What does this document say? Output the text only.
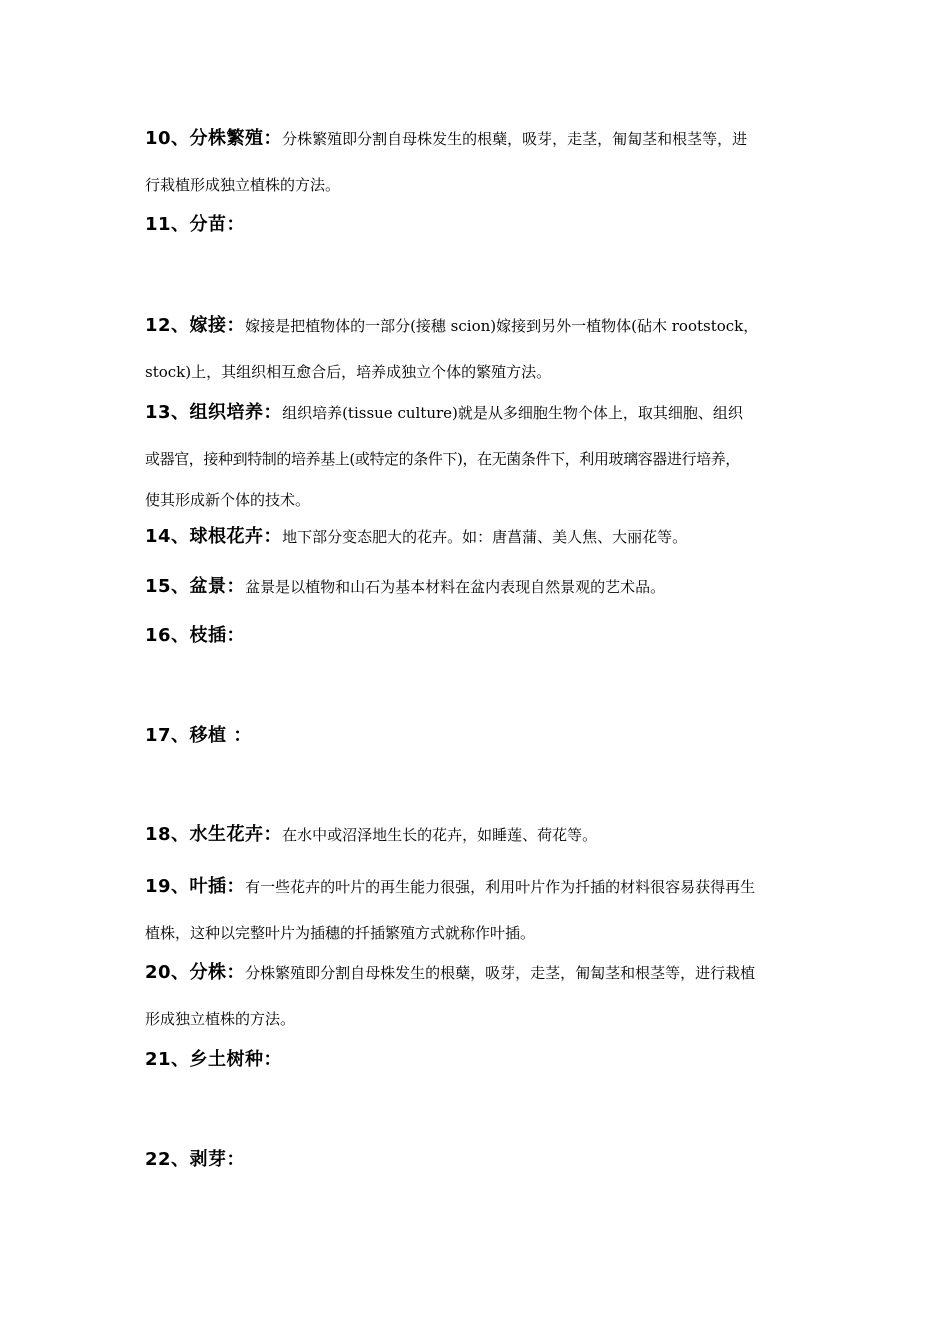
10、分株繁殖：分株繁殖即分割自母株发生的根蘖，吸芽，走茎，匍匐茎和根茎等，进
行栽植形成独立植株的方法。
11、分苗：
12、嫁接：嫁接是把植物体的一部分(接穗 scion)嫁接到另外一植物体(砧木 rootstock，
stock)上，其组织相互愈合后，培养成独立个体的繁殖方法。
13、组织培养：组织培养(tissue culture)就是从多细胞生物个体上，取其细胞、组织
或器官，接种到特制的培养基上(或特定的条件下)，在无菌条件下，利用玻璃容器进行培养，
使其形成新个体的技术。
14、球根花卉：地下部分变态肥大的花卉。如：唐菖蒲、美人焦、大丽花等。
15、盆景：盆景是以植物和山石为基本材料在盆内表现自然景观的艺术品。
16、枝插：
17、移植 ：
18、水生花卉：在水中或沼泽地生长的花卉，如睡莲、荷花等。
19、叶插：有一些花卉的叶片的再生能力很强，利用叶片作为扦插的材料很容易获得再生
植株，这种以完整叶片为插穗的扦插繁殖方式就称作叶插。
20、分株：分株繁殖即分割自母株发生的根蘖，吸芽，走茎，匍匐茎和根茎等，进行栽植
形成独立植株的方法。
21、乡土树种：
22、剥芽：
